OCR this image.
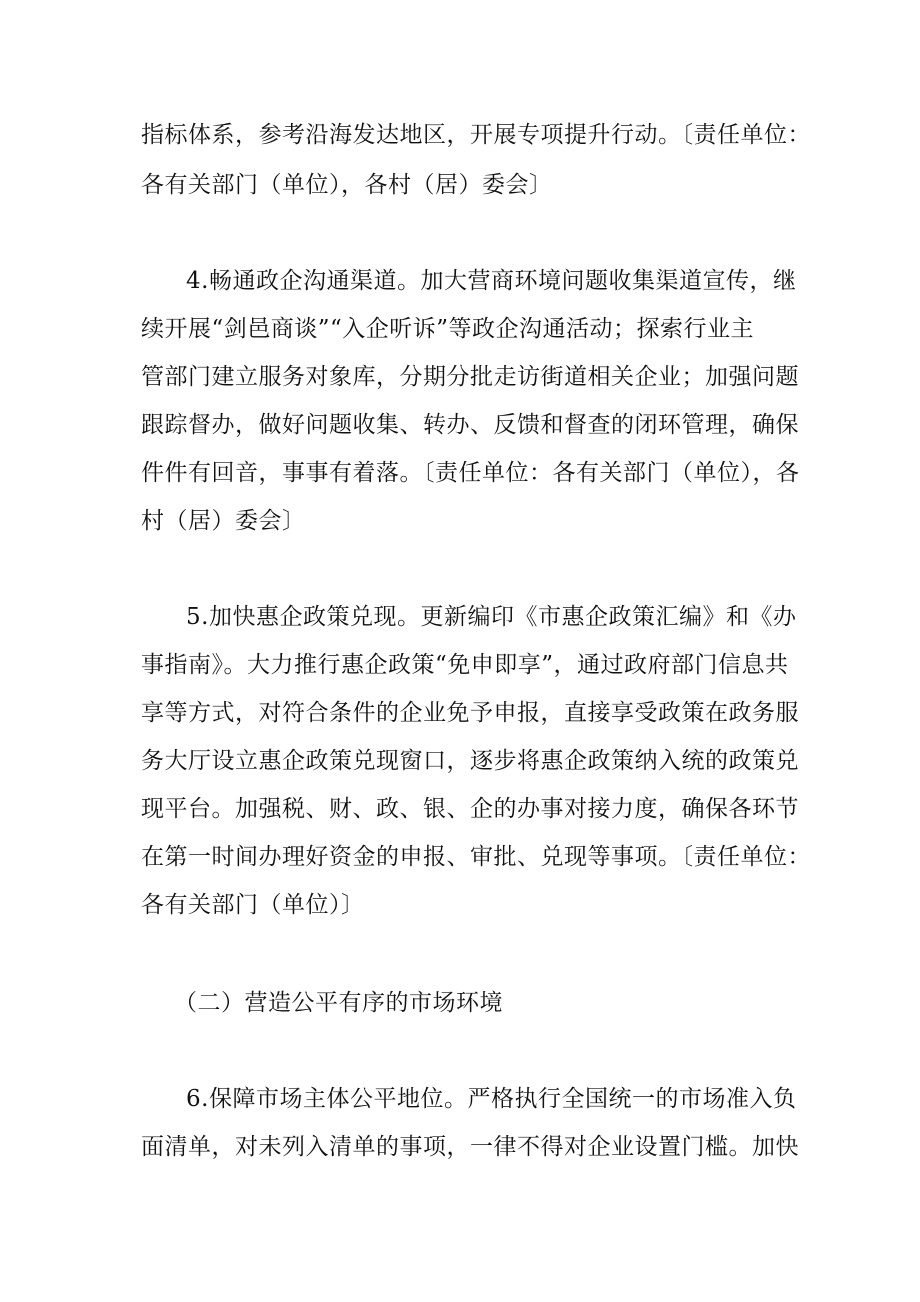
指标体系，参考沿海发达地区，开展专项提升行动。〔责任单位：
各有关部门（单位），各村（居）委会〕
4.畅通政企沟通渠道。加大营商环境问题收集渠道宣传，继
续开展“剑邑商谈”“入企听诉”等政企沟通活动；探索行业主
管部门建立服务对象库，分期分批走访街道相关企业；加强问题
跟踪督办，做好问题收集、转办、反馈和督查的闭环管理，确保
件件有回音，事事有着落。〔责任单位：各有关部门（单位），各
村（居）委会〕
5.加快惠企政策兑现。更新编印《市惠企政策汇编》和《办
事指南》。大力推行惠企政策“免申即享”，通过政府部门信息共
享等方式，对符合条件的企业免予申报，直接享受政策在政务服
务大厅设立惠企政策兑现窗口，逐步将惠企政策纳入统的政策兑
现平台。加强税、财、政、银、企的办事对接力度，确保各环节
在第一时间办理好资金的申报、审批、兑现等事项。〔责任单位：
各有关部门（单位）〕
（二）营造公平有序的市场环境
6.保障市场主体公平地位。严格执行全国统一的市场准入负
面清单，对未列入清单的事项，一律不得对企业设置门槛。加快
